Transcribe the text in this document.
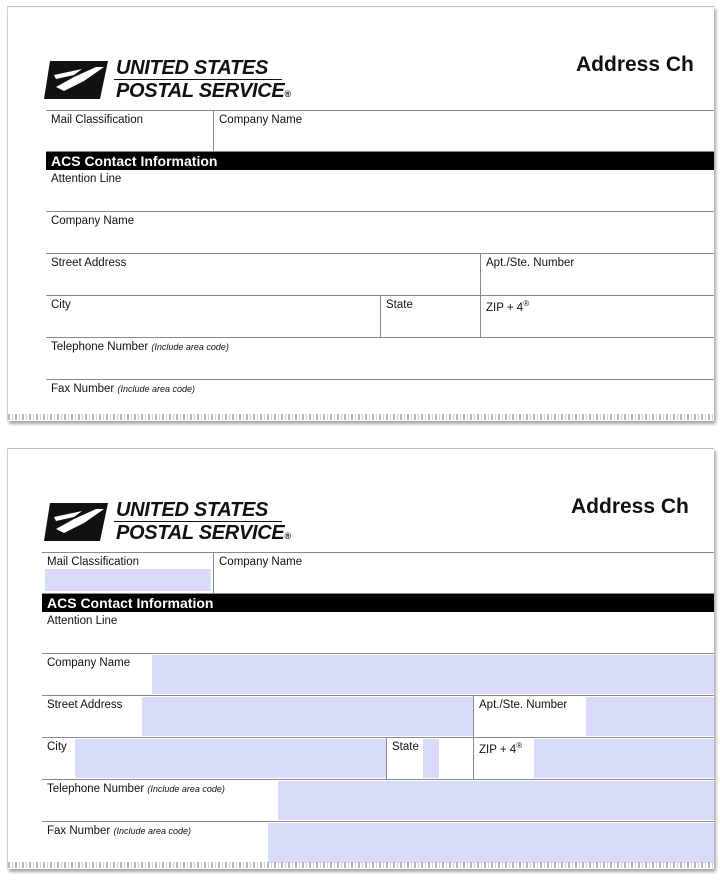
UNITED STATES
POSTAL SERVICE®
Address Ch
Mail Classification	Company Name
ACS Contact Information
Attention Line
Company Name
Street Address	Apt./Ste. Number
City	State	ZIP + 4®
Telephone Number (Include area code)
Fax Number (Include area code)
UNITED STATES
POSTAL SERVICE®
Address Ch
Mail Classification	Company Name
ACS Contact Information
Attention Line
Company Name
Street Address	Apt./Ste. Number
City	State	ZIP + 4®
Telephone Number (Include area code)
Fax Number (Include area code)
